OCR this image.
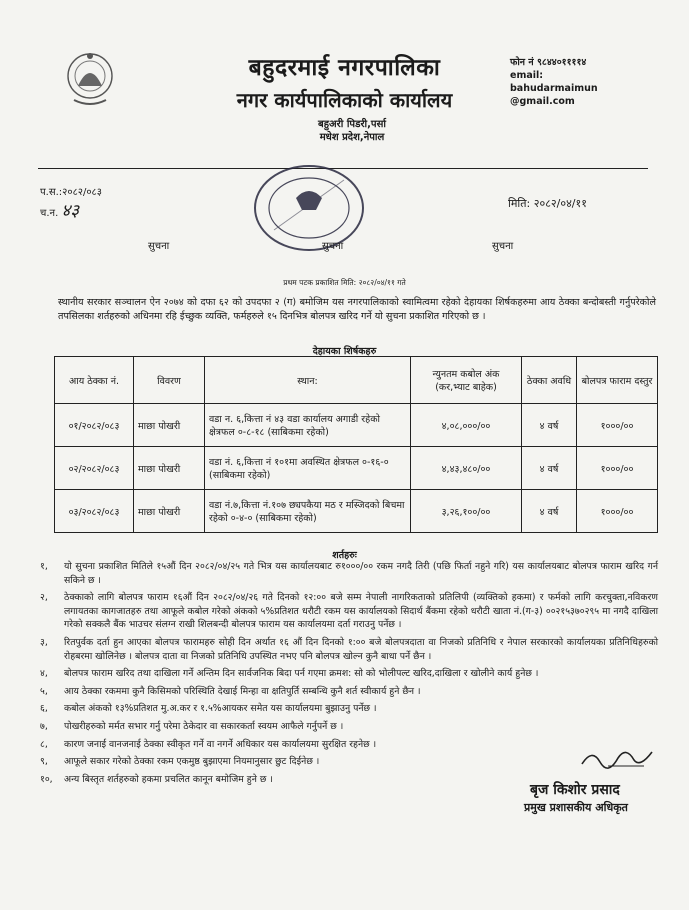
बहुदरमाई नगरपालिका
नगर कार्यपालिकाको कार्यालय
बहुअरी पिडरी,पर्सा
मधेश प्रदेश,नेपाल
फोन नं ९८४४०११११४
email:
bahudarmaimun
@gmail.com
प.स.:२०८२/०८३
च.न. ४३	मिति: २०८२/०४/११
सुचना	सुचना	सुचना
प्रथम पटक प्रकाशित मिति: २०८२/०४/११ गते
स्थानीय सरकार सञ्चालन ऐन २०७४ को दफा ६२ को उपदफा २ (ग) बमोजिम यस नगरपालिकाको स्वामित्वमा रहेको देहायका शिर्षकहरुमा आय ठेक्का बन्दोबस्ती गर्नुपरेकोले तपसिलका शर्तहरुको अधिनमा रहि ईच्छुक व्यक्ति, फर्महरुले १५ दिनभित्र बोलपत्र खरिद गर्ने यो सुचना प्रकाशित गरिएको छ ।
देहायका शिर्षकहरु
आय ठेक्का नं.	विवरण	स्थान:	न्युनतम कबोल अंक (कर,भ्याट बाहेक)	ठेक्का अवधि	बोलपत्र फाराम दस्तुर
०१/२०८२/०८३	माछा पोखरी	वडा न. ६,कित्ता नं ४३ वडा कार्यालय अगाडी रहेको क्षेत्रफल ०-८-१८ (साबिकमा रहेको)	४,०८,०००/००	४ वर्ष	१०००/००
०२/२०८२/०८३	माछा पोखरी	वडा नं. ६,कित्ता नं १०१मा अवस्थित क्षेत्रफल ०-१६-० (साबिकमा रहेको)	४,४३,४८०/००	४ वर्ष	१०००/००
०३/२०८२/०८३	माछा पोखरी	वडा नं.७,कित्ता नं.१०७ छ्यपकैया मठ र मस्जिदको बिचमा रहेको ०-४-० (साबिकमा रहेको)	३,२६,१००/००	४ वर्ष	१०००/००
शर्तहरुः
१, यो सुचना प्रकाशित मितिले १५औं दिन २०८२/०४/२५ गते भित्र यस कार्यालयबाट रु१०००/०० रकम नगदै तिरी (पछि फिर्ता नहुने गरि) यस कार्यालयबाट बोलपत्र फाराम खरिद गर्न सकिने छ ।
२, ठेक्काको लागि बोलपत्र फाराम १६औं दिन २०८२/०४/२६ गते दिनको १२:०० बजे सम्म नेपाली नागरिकताको प्रतिलिपी (व्यक्तिको हकमा) र फर्मको लागि करचुक्ता,नविकरण लगायतका कागजातहरु तथा आफूले कबोल गरेको अंकको ५%प्रतिशत धरौटी रकम यस कार्यालयको सिदार्थ बैंकमा रहेको धरौटी खाता नं.(ग-३) ००२१५३७०२९५ मा नगदै दाखिला गरेको सक्कलै बैंक भाउचर संलग्न राखी शिलबन्दी बोलपत्र फाराम यस कार्यालयमा दर्ता गराउनु पर्नेछ ।
३, रितपुर्वक दर्ता हुन आएका बोलपत्र फारामहरु सोही दिन अर्थात १६ औं दिन दिनको १:०० बजे बोलपत्रदाता वा निजको प्रतिनिधि र नेपाल सरकारको कार्यालयका प्रतिनिधिहरुको रोहबरमा खोलिनेछ । बोलपत्र दाता वा निजको प्रतिनिधि उपस्थित नभए पनि बोलपत्र खोल्न कुनै बाधा पर्ने छैन ।
४, बोलपत्र फाराम खरिद तथा दाखिला गर्ने अन्तिम दिन सार्वजनिक बिदा पर्न गएमा क्रमश: सो को भोलीपल्ट खरिद,दाखिला र खोलीने कार्य हुनेछ ।
५, आय ठेक्का रकममा कुनै किसिमको परिस्थिति देखाई मिन्हा वा क्षतिपुर्ति सम्बन्धि कुनै शर्त स्वीकार्य हुने छैन ।
६, कबोल अंकको १३%प्रतिशत मु.अ.कर र १.५%आयकर समेत यस कार्यालयमा बुझाउनु पर्नेछ ।
७, पोखरीहरुको मर्मत सभार गर्नु परेमा ठेकेदार वा सकारकर्ता स्वयम आफैले गर्नुपर्ने छ ।
८, कारण जनाई वानजनाई ठेक्का स्वीकृत गर्ने वा नगर्ने अधिकार यस कार्यालयमा सुरक्षित रहनेछ ।
९, आफूले सकार गरेको ठेक्का रकम एकमुष्ठ बुझाएमा नियमानुसार छुट दिईनेछ ।
१०, अन्य बिस्तृत शर्तहरुको हकमा प्रचलित कानून बमोजिम हुने छ ।
बृज किशोर प्रसाद
प्रमुख प्रशासकीय अधिकृत
